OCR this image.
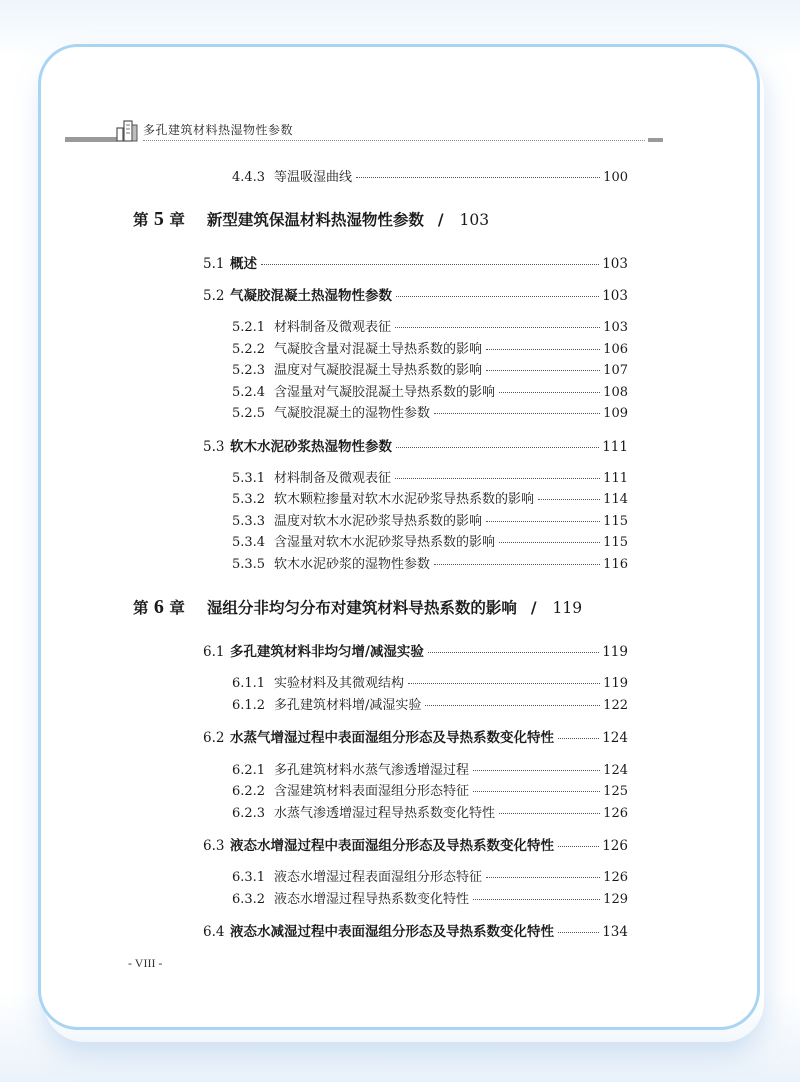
多孔建筑材料热湿物性参数
4.4.3 等温吸湿曲线	100
第 5 章 新型建筑保温材料热湿物性参数 / 103
5.1 概述	103
5.2 气凝胶混凝土热湿物性参数	103
5.2.1 材料制备及微观表征	103
5.2.2 气凝胶含量对混凝土导热系数的影响	106
5.2.3 温度对气凝胶混凝土导热系数的影响	107
5.2.4 含湿量对气凝胶混凝土导热系数的影响	108
5.2.5 气凝胶混凝土的湿物性参数	109
5.3 软木水泥砂浆热湿物性参数	111
5.3.1 材料制备及微观表征	111
5.3.2 软木颗粒掺量对软木水泥砂浆导热系数的影响	114
5.3.3 温度对软木水泥砂浆导热系数的影响	115
5.3.4 含湿量对软木水泥砂浆导热系数的影响	115
5.3.5 软木水泥砂浆的湿物性参数	116
第 6 章 湿组分非均匀分布对建筑材料导热系数的影响 / 119
6.1 多孔建筑材料非均匀增/减湿实验	119
6.1.1 实验材料及其微观结构	119
6.1.2 多孔建筑材料增/减湿实验	122
6.2 水蒸气增湿过程中表面湿组分形态及导热系数变化特性	124
6.2.1 多孔建筑材料水蒸气渗透增湿过程	124
6.2.2 含湿建筑材料表面湿组分形态特征	125
6.2.3 水蒸气渗透增湿过程导热系数变化特性	126
6.3 液态水增湿过程中表面湿组分形态及导热系数变化特性	126
6.3.1 液态水增湿过程表面湿组分形态特征	126
6.3.2 液态水增湿过程导热系数变化特性	129
6.4 液态水减湿过程中表面湿组分形态及导热系数变化特性	134
- VIII -
